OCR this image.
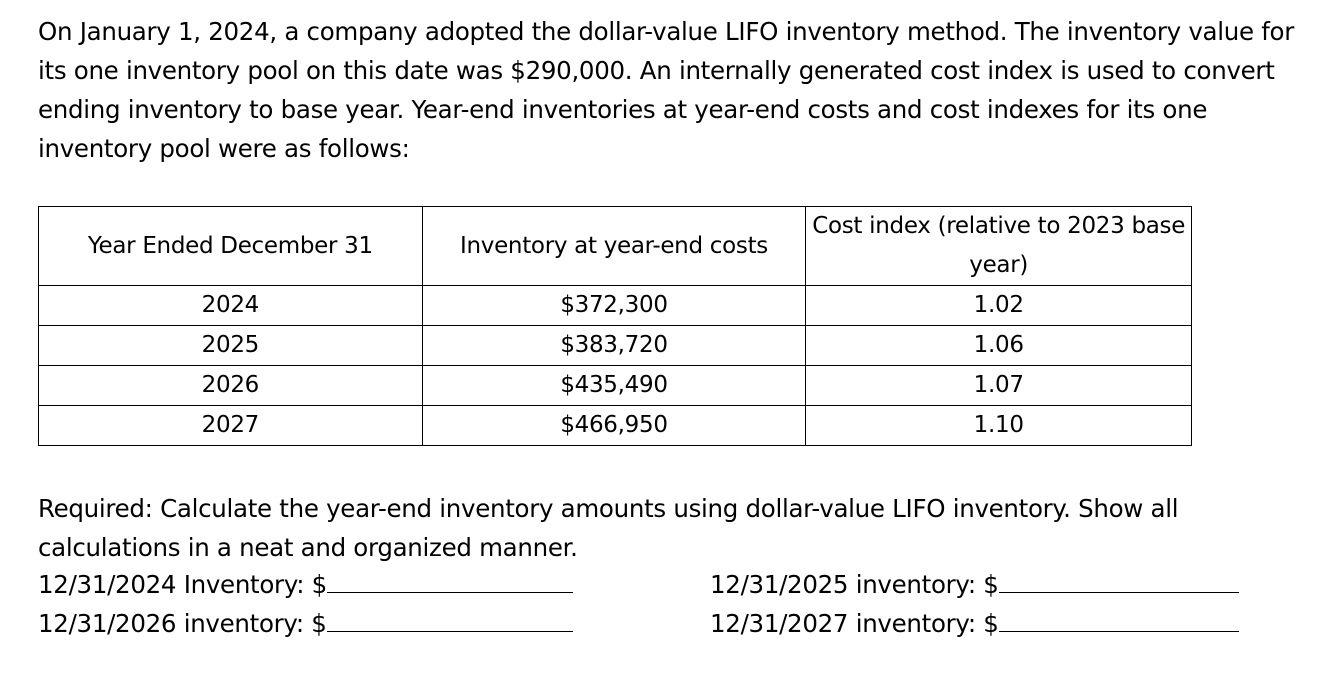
On January 1, 2024, a company adopted the dollar-value LIFO inventory method. The inventory value for its one inventory pool on this date was $290,000. An internally generated cost index is used to convert ending inventory to base year. Year-end inventories at year-end costs and cost indexes for its one inventory pool were as follows:

Year Ended December 31	Inventory at year-end costs	Cost index (relative to 2023 base year)
2024	$372,300	1.02
2025	$383,720	1.06
2026	$435,490	1.07
2027	$466,950	1.10

Required: Calculate the year-end inventory amounts using dollar-value LIFO inventory. Show all calculations in a neat and organized manner.

12/31/2024 Inventory: $	12/31/2025 inventory: $
12/31/2026 inventory: $	12/31/2027 inventory: $
